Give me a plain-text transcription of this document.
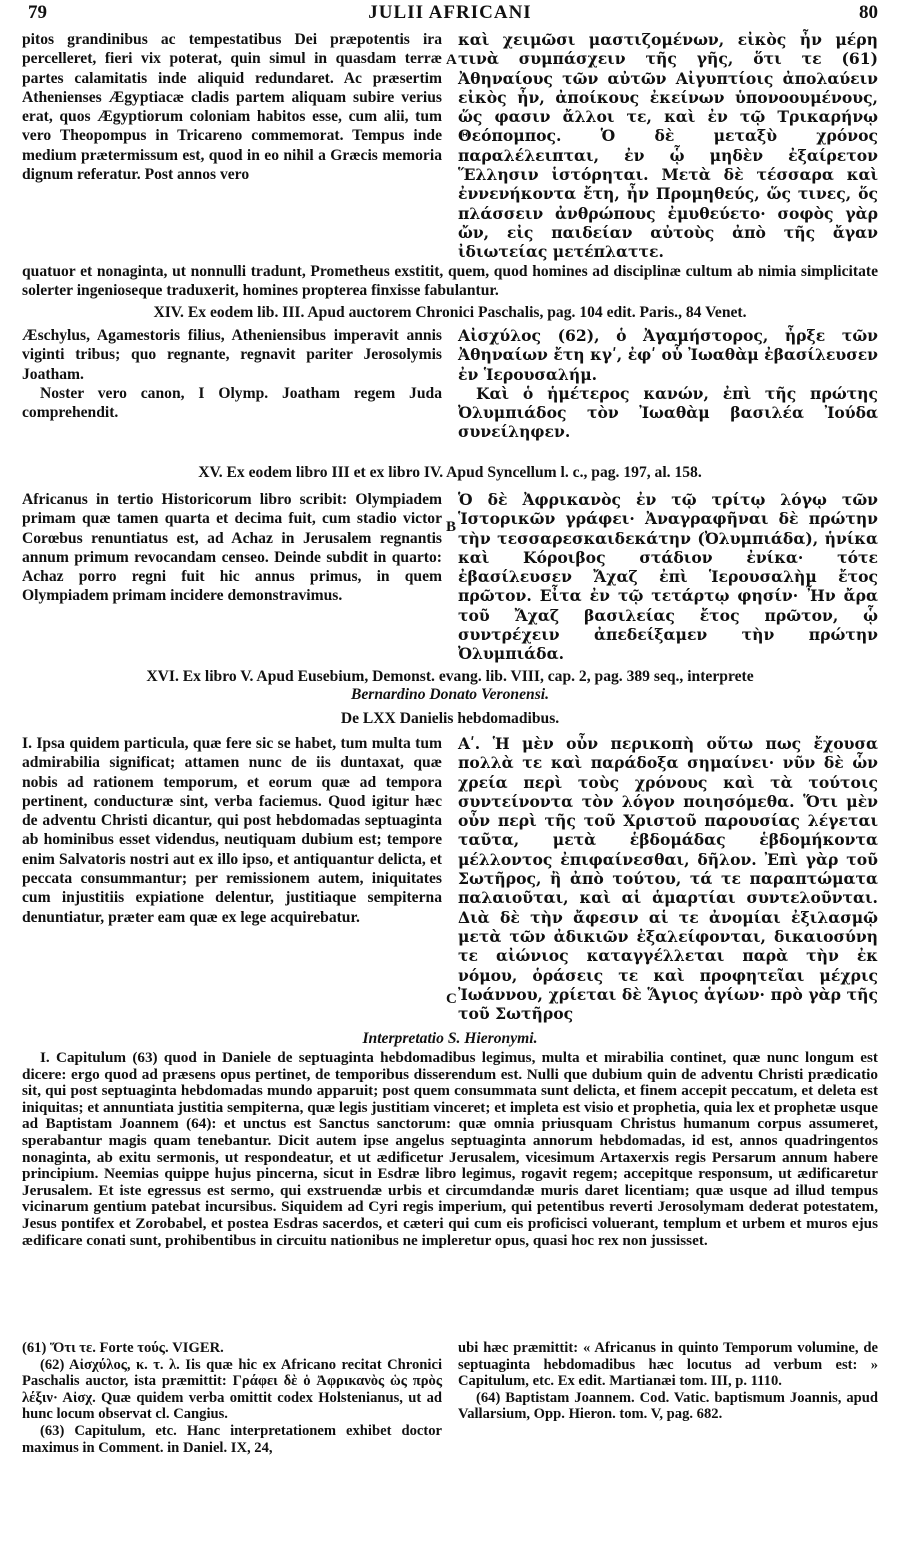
79	JULII AFRICANI	80
A
B
C
pitos grandinibus ac tempestatibus Dei præpotentis ira percelleret, fieri vix poterat, quin simul in quasdam terræ partes calamitatis inde aliquid redundaret. Ac præsertim Athenienses Ægyptiacæ cladis partem aliquam subire verius erat, quos Ægyptiorum coloniam habitos esse, cum alii, tum vero Theopompus in Tricareno commemorat. Tempus inde medium prætermissum est, quod in eo nihil a Græcis memoria dignum referatur. Post annos vero
καὶ χειμῶσι μαστιζομένων, εἰκὸς ἦν μέρη τινὰ συμπάσχειν τῆς γῆς, ὅτι τε (61) Ἀθηναίους τῶν αὐτῶν Αἰγυπτίοις ἀπολαύειν εἰκὸς ἦν, ἀποίκους ἐκείνων ὑπονοουμένους, ὥς φασιν ἄλλοι τε, καὶ ἐν τῷ Τρικαρήνῳ Θεόπομπος. Ὁ δὲ μεταξὺ χρόνος παραλέλειπται, ἐν ᾧ μηδὲν ἐξαίρετον Ἕλλησιν ἱστόρηται. Μετὰ δὲ τέσσαρα καὶ ἐννενήκοντα ἔτη, ἦν Προμηθεύς, ὥς τινες, ὅς πλάσσειν ἀνθρώπους ἐμυθεύετο· σοφὸς γὰρ ὤν, εἰς παιδείαν αὐτοὺς ἀπὸ τῆς ἄγαν ἰδιωτείας μετέπλαττε.
quatuor et nonaginta, ut nonnulli tradunt, Prometheus exstitit, quem, quod homines ad disciplinæ cultum ab nimia simplicitate solerter ingenioseque traduxerit, homines propterea finxisse fabulantur.
XIV. Ex eodem lib. III. Apud auctorem Chronici Paschalis, pag. 104 edit. Paris., 84 Venet.
Æschylus, Agamestoris filius, Atheniensibus imperavit annis viginti tribus; quo regnante, regnavit pariter Jerosolymis Joatham.
Noster vero canon, I Olymp. Joatham regem Juda comprehendit.
Αἰσχύλος (62), ὁ Ἀγαμήστορος, ἦρξε τῶν Ἀθηναίων ἔτη κγʹ, ἐφʹ οὗ Ἰωαθὰμ ἐβασίλευσεν ἐν Ἱερουσαλήμ.
Καὶ ὁ ἡμέτερος κανών, ἐπὶ τῆς πρώτης Ὀλυμπιάδος τὸν Ἰωαθὰμ βασιλέα Ἰούδα συνείληφεν.
XV. Ex eodem libro III et ex libro IV. Apud Syncellum l. c., pag. 197, al. 158.
Africanus in tertio Historicorum libro scribit: Olympiadem primam quæ tamen quarta et decima fuit, cum stadio victor Corœbus renuntiatus est, ad Achaz in Jerusalem regnantis annum primum revocandam censeo. Deinde subdit in quarto: Achaz porro regni fuit hic annus primus, in quem Olympiadem primam incidere demonstravimus.
Ὁ δὲ Ἀφρικανὸς ἐν τῷ τρίτῳ λόγῳ τῶν Ἱστορικῶν γράφει· Ἀναγραφῆναι δὲ πρώτην τὴν τεσσαρεσκαιδεκάτην (Ὀλυμπιάδα), ἡνίκα καὶ Κόροιβος στάδιον ἐνίκα· τότε ἐβασίλευσεν Ἄχαζ ἐπὶ Ἱερουσαλὴμ ἔτος πρῶτον. Εἶτα ἐν τῷ τετάρτῳ φησίν· Ἦν ἄρα τοῦ Ἄχαζ βασιλείας ἔτος πρῶτον, ᾧ συντρέχειν ἀπεδείξαμεν τὴν πρώτην Ὀλυμπιάδα.
XVI. Ex libro V. Apud Eusebium, Demonst. evang. lib. VIII, cap. 2, pag. 389 seq., interprete
Bernardino Donato Veronensi.
De LXX Danielis hebdomadibus.
I. Ipsa quidem particula, quæ fere sic se habet, tum multa tum admirabilia significat; attamen nunc de iis duntaxat, quæ nobis ad rationem temporum, et eorum quæ ad tempora pertinent, conducturæ sint, verba faciemus. Quod igitur hæc de adventu Christi dicantur, qui post hebdomadas septuaginta ab hominibus esset videndus, neutiquam dubium est; tempore enim Salvatoris nostri aut ex illo ipso, et antiquantur delicta, et peccata consummantur; per remissionem autem, iniquitates cum injustitiis expiatione delentur, justitiaque sempiterna denuntiatur, præter eam quæ ex lege acquirebatur.
Αʹ. Ἡ μὲν οὖν περικοπὴ οὕτω πως ἔχουσα πολλὰ τε καὶ παράδοξα σημαίνει· νῦν δὲ ὧν χρεία περὶ τοὺς χρόνους καὶ τὰ τούτοις συντείνοντα τὸν λόγον ποιησόμεθα. Ὅτι μὲν οὖν περὶ τῆς τοῦ Χριστοῦ παρουσίας λέγεται ταῦτα, μετὰ ἑβδομάδας ἑβδομήκοντα μέλλοντος ἐπιφαίνεσθαι, δῆλον. Ἐπὶ γὰρ τοῦ Σωτῆρος, ἢ ἀπὸ τούτου, τά τε παραπτώματα παλαιοῦται, καὶ αἱ ἁμαρτίαι συντελοῦνται. Διὰ δὲ τὴν ἄφεσιν αἱ τε ἀνομίαι ἐξιλασμῷ μετὰ τῶν ἀδικιῶν ἐξαλείφονται, δικαιοσύνη τε αἰώνιος καταγγέλλεται παρὰ τὴν ἐκ νόμου, ὁράσεις τε καὶ προφητεῖαι μέχρις Ἰωάννου, χρίεται δὲ Ἅγιος ἁγίων· πρὸ γὰρ τῆς τοῦ Σωτῆρος
Interpretatio S. Hieronymi.
I. Capitulum (63) quod in Daniele de septuaginta hebdomadibus legimus, multa et mirabilia continet, quæ nunc longum est dicere: ergo quod ad præsens opus pertinet, de temporibus disserendum est. Nulli que dubium quin de adventu Christi prædicatio sit, qui post septuaginta hebdomadas mundo apparuit; post quem consummata sunt delicta, et finem accepit peccatum, et deleta est iniquitas; et annuntiata justitia sempiterna, quæ legis justitiam vinceret; et impleta est visio et prophetia, quia lex et prophetæ usque ad Baptistam Joannem (64): et unctus est Sanctus sanctorum: quæ omnia priusquam Christus humanum corpus assumeret, sperabantur magis quam tenebantur. Dicit autem ipse angelus septuaginta annorum hebdomadas, id est, annos quadringentos nonaginta, ab exitu sermonis, ut respondeatur, et ut ædificetur Jerusalem, vicesimum Artaxerxis regis Persarum annum habere principium. Neemias quippe hujus pincerna, sicut in Esdræ libro legimus, rogavit regem; accepitque responsum, ut ædificaretur Jerusalem. Et iste egressus est sermo, qui exstruendæ urbis et circumdandæ muris daret licentiam; quæ usque ad illud tempus vicinarum gentium patebat incursibus. Siquidem ad Cyri regis imperium, qui petentibus reverti Jerosolymam dederat potestatem, Jesus pontifex et Zorobabel, et postea Esdras sacerdos, et cæteri qui cum eis proficisci voluerant, templum et urbem et muros ejus ædificare conati sunt, prohibentibus in circuitu nationibus ne impleretur opus, quasi hoc rex non jussisset.

(61) Ὅτι τε. Forte τούς. VIGER.

(62) Αἰσχύλος, κ. τ. λ. Iis quæ hic ex Africano recitat Chronici Paschalis auctor, ista præmittit: Γράφει δὲ ὁ Ἀφρικανὸς ὡς πρὸς λέξιν· Αἰσχ. Quæ quidem verba omittit codex Holstenianus, ut ad hunc locum observat cl. Cangius.

(63) Capitulum, etc. Hanc interpretationem exhibet doctor maximus in Comment. in Daniel. IX, 24,

ubi hæc præmittit: « Africanus in quinto Temporum volumine, de septuaginta hebdomadibus hæc locutus ad verbum est: » Capitulum, etc. Ex edit. Martianæi tom. III, p. 1110.

(64) Baptistam Joannem. Cod. Vatic. baptismum Joannis, apud Vallarsium, Opp. Hieron. tom. V, pag. 682.
